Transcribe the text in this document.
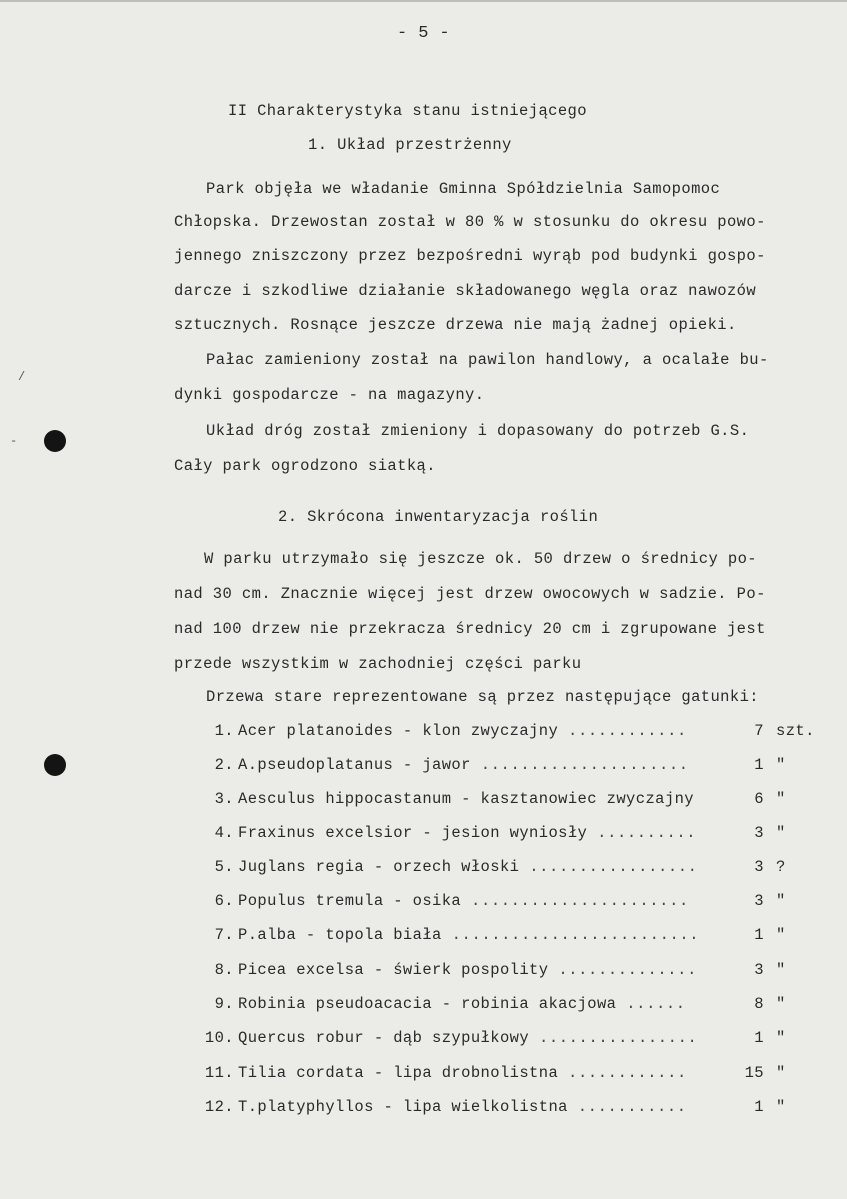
/
-
- 5 -
II Charakterystyka stanu istniejącego
1. Układ przestrżenny
Park objęła we władanie Gminna Spółdzielnia Samopomoc
Chłopska. Drzewostan został w 80 % w stosunku do okresu powo-
jennego zniszczony przez bezpośredni wyrąb pod budynki gospo-
darcze i szkodliwe działanie składowanego węgla oraz nawozów
sztucznych. Rosnące jeszcze drzewa nie mają żadnej opieki.
Pałac zamieniony został na pawilon handlowy, a ocalałe bu-
dynki gospodarcze - na magazyny.
Układ dróg został zmieniony i dopasowany do potrzeb G.S.
Cały park ogrodzono siatką.
2. Skrócona inwentaryzacja roślin
W parku utrzymało się jeszcze ok. 50 drzew o średnicy po-
nad 30 cm. Znacznie więcej jest drzew owocowych w sadzie. Po-
nad 100 drzew nie przekracza średnicy 20 cm i zgrupowane jest
przede wszystkim w zachodniej części parku
Drzewa stare reprezentowane są przez następujące gatunki:
1. Acer platanoides - klon zwyczajny ............	7 szt.
2. A.pseudoplatanus - jawor .....................	1 "
3. Aesculus hippocastanum - kasztanowiec zwyczajny	6 "
4. Fraxinus excelsior - jesion wyniosły ..........	3 "
5. Juglans regia - orzech włoski .................	3 ?
6. Populus tremula - osika ......................	3 "
7. P.alba - topola biała .........................	1 "
8. Picea excelsa - świerk pospolity ..............	3 "
9. Robinia pseudoacacia - robinia akacjowa ......	8 "
10. Quercus robur - dąb szypułkowy ................	1 "
11. Tilia cordata - lipa drobnolistna ............	15 "
12. T.platyphyllos - lipa wielkolistna ...........	1 "
